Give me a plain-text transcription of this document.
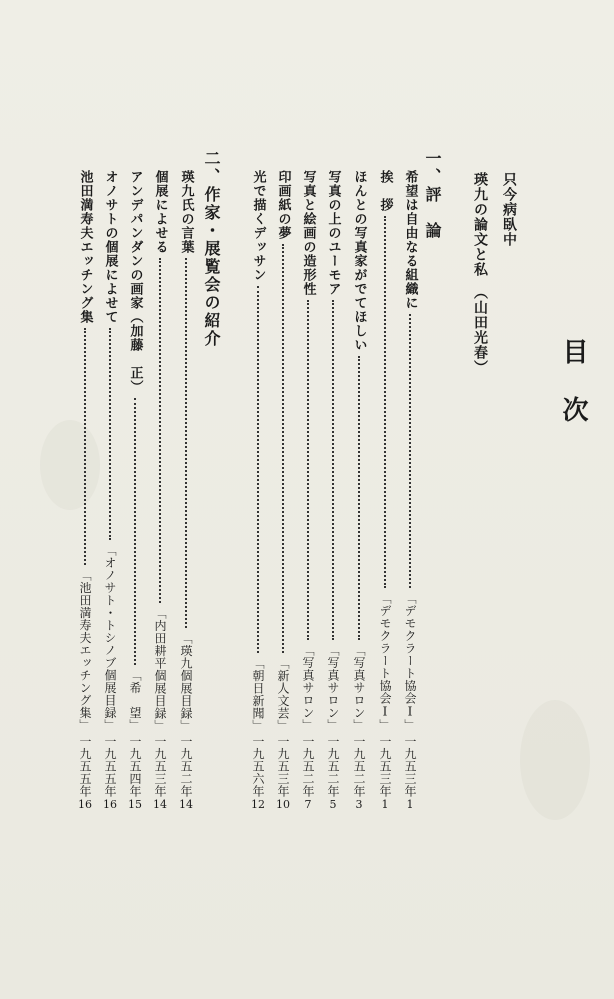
目　次
只今病臥中
瑛九の論文と私　（山田光春）
一、評　論
希望は自由なる組織に
「デモクラート協会Ⅰ」
一九五三年
1
挨　拶
「デモクラート協会Ⅰ」
一九五三年
1
ほんとの写真家がでてほしい
「写真サロン」
一九五二年
3
写真の上のユーモア
「写真サロン」
一九五二年
5
写真と絵画の造形性
「写真サロン」
一九五二年
7
印画紙の夢
「新人文芸」
一九五三年
10
光で描くデッサン
「朝日新聞」
一九五六年
12
二、作家・展覧会の紹介
瑛九氏の言葉
「瑛九個展目録」
一九五二年
14
個展によせる
「内田耕平個展目録」
一九五三年
14
アンデパンダンの画家（加藤　正）
「希　望」
一九五四年
15
オノサトの個展によせて
「オノサト・トシノブ個展目録」
一九五五年
16
池田満寿夫エッチング集
「池田満寿夫エッチング集」
一九五五年
16
